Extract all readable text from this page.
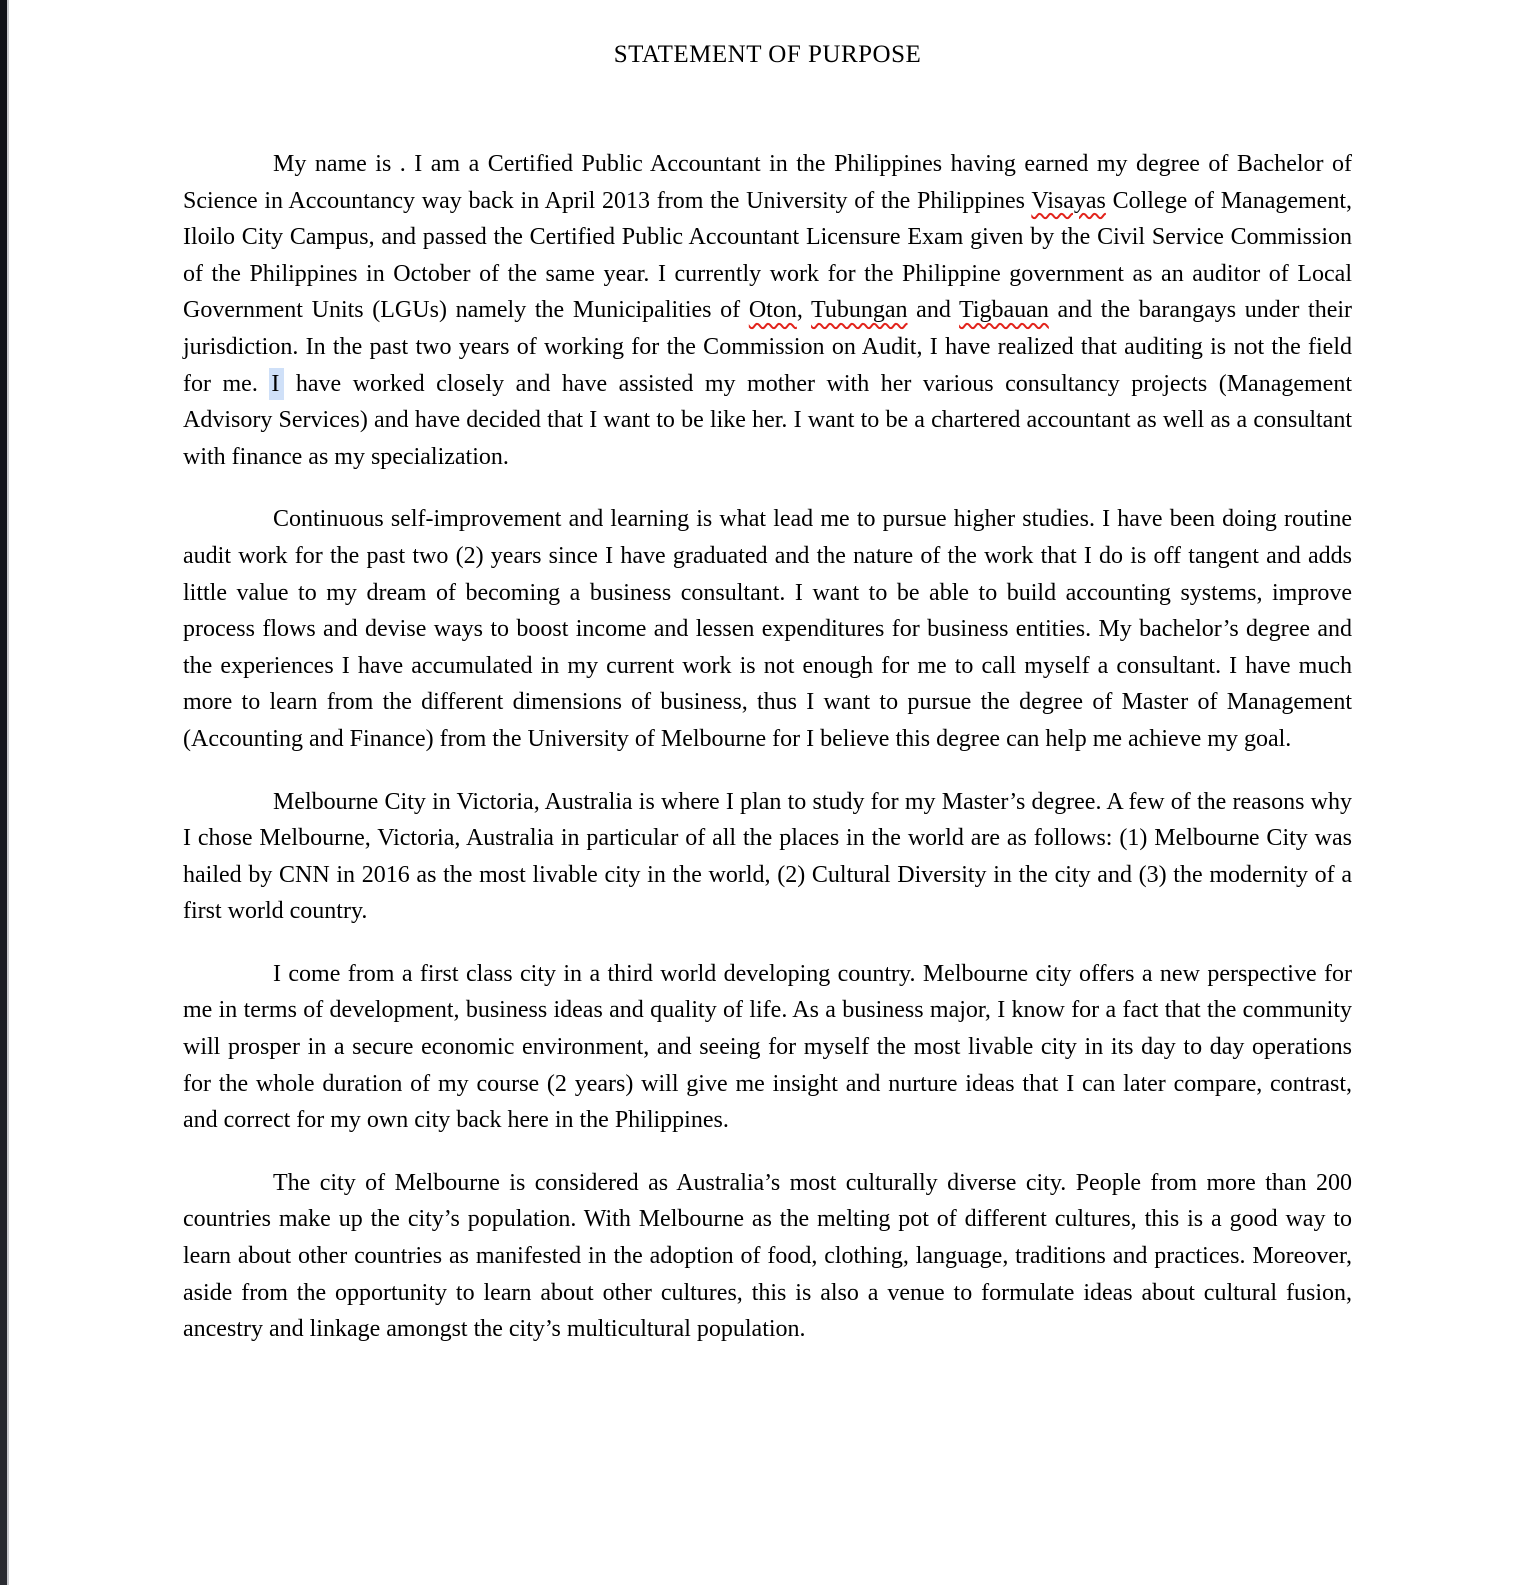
STATEMENT OF PURPOSE

My name is . I am a Certified Public Accountant in the Philippines having earned my degree of Bachelor of Science in Accountancy way back in April 2013 from the University of the Philippines Visayas College of Management, Iloilo City Campus, and passed the Certified Public Accountant Licensure Exam given by the Civil Service Commission of the Philippines in October of the same year. I currently work for the Philippine government as an auditor of Local Government Units (LGUs) namely the Municipalities of Oton, Tubungan and Tigbauan and the barangays under their jurisdiction. In the past two years of working for the Commission on Audit, I have realized that auditing is not the field for me. I have worked closely and have assisted my mother with her various consultancy projects (Management Advisory Services) and have decided that I want to be like her. I want to be a chartered accountant as well as a consultant with finance as my specialization.

Continuous self-improvement and learning is what lead me to pursue higher studies. I have been doing routine audit work for the past two (2) years since I have graduated and the nature of the work that I do is off tangent and adds little value to my dream of becoming a business consultant. I want to be able to build accounting systems, improve process flows and devise ways to boost income and lessen expenditures for business entities. My bachelor’s degree and the experiences I have accumulated in my current work is not enough for me to call myself a consultant. I have much more to learn from the different dimensions of business, thus I want to pursue the degree of Master of Management (Accounting and Finance) from the University of Melbourne for I believe this degree can help me achieve my goal.

Melbourne City in Victoria, Australia is where I plan to study for my Master’s degree. A few of the reasons why I chose Melbourne, Victoria, Australia in particular of all the places in the world are as follows: (1) Melbourne City was hailed by CNN in 2016 as the most livable city in the world, (2) Cultural Diversity in the city and (3) the modernity of a first world country.

I come from a first class city in a third world developing country. Melbourne city offers a new perspective for me in terms of development, business ideas and quality of life. As a business major, I know for a fact that the community will prosper in a secure economic environment, and seeing for myself the most livable city in its day to day operations for the whole duration of my course (2 years) will give me insight and nurture ideas that I can later compare, contrast, and correct for my own city back here in the Philippines.

The city of Melbourne is considered as Australia’s most culturally diverse city. People from more than 200 countries make up the city’s population. With Melbourne as the melting pot of different cultures, this is a good way to learn about other countries as manifested in the adoption of food, clothing, language, traditions and practices. Moreover, aside from the opportunity to learn about other cultures, this is also a venue to formulate ideas about cultural fusion, ancestry and linkage amongst the city’s multicultural population.
